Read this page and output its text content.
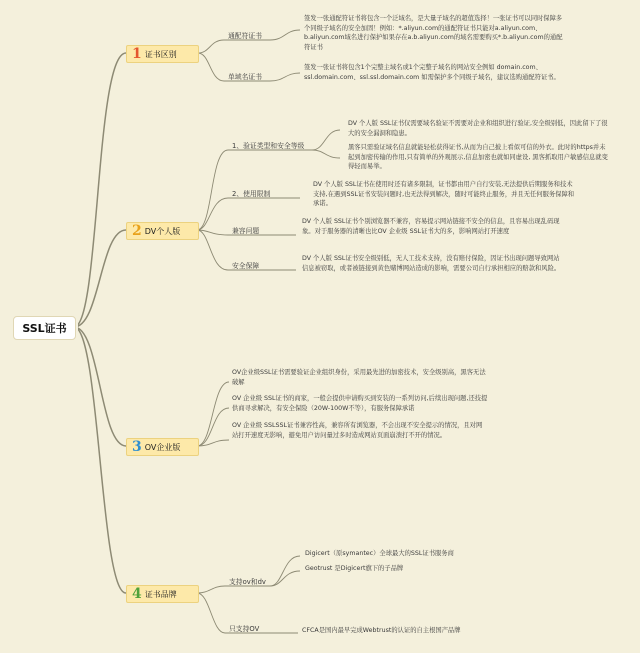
SSL证书
1 证书区别
2 DV个人版
3 OV企业版
4 证书品牌
通配符证书
签发一张通配符证书将包含一个泛域名，是大量子域名的超值选择！一张证书可以同时保障多个同级子域名的安全加固！例如：*.aliyun.com的通配符证书只能对a.aliyun.com、b.aliyun.com域名进行保护如果存在a.b.aliyun.com的域名需要购买*.b.aliyun.com的通配符证书
单域名证书
签发一张证书将包含1个完整主域名或1个完整子域名的网站安全例如 domain.com、ssl.domain.com、ssl.ssl.domain.com 如需保护多个同级子域名，建议选购通配符证书。
1、验证类型和安全等级
DV 个人版 SSL证书仅需要域名验证不需要对企业和组织进行验证,安全级别低，因此留下了很大的安全漏洞和隐患。
黑客只需验证域名信息就能轻松获得证书,从而为自己披上看似可信的外衣。此时的https并未起到加密传输的作用,只有简单的外观展示,信息加密也就如同虚设, 黑客抓取用户敏感信息就变得轻而易举。
2、使用限制
DV 个人版 SSL证书在使用时还有诸多限制，证书都由用户自行安装,无法提供后期服务和技术支持,在遇到SSL证书安装问题时,也无法得到解决，随时可能终止服务，并且无任何服务保障和承诺。
兼容问题
DV 个人版 SSL证书个别浏览器不兼容，容易提示网站链接不安全的信息，且容易出现乱码现象。对于服务器的清晰也比OV 企业级 SSL证书大的多，影响网站打开速度
安全保障
DV 个人版 SSL证书安全级别低，无人工技术支持，没有赔付保险，因证书出现问题导致网站信息被窃取，或者被链接到黄色赌博网站造成的影响，需要公司自行承担相应的赔款和风险。
OV企业级SSL证书需要验证企业组织身份，采用最先进的加密技术，安全级别高，黑客无法破解
OV 企业级 SSL证书的商家，一般会提供申请购买到安装的一系列访问,后续出现问题,还技提供商寻求解决，有安全保险（20W-100W不等），有服务保障承诺
OV 企业级 SSLSSL证书兼容性高，兼容所有浏览器，不会出现不安全提示的情况，且对网站打开速度无影响，避免用户访问量过多时造成网站页面崩溃打不开的情况。
支持ov和dv
Digicert（原symantec）全球最大的SSL证书服务商
Geotrust 是Digicert旗下的子品牌
只支持OV	CFCA是国内最早完成Webtrust的认证的自主根国产品牌
